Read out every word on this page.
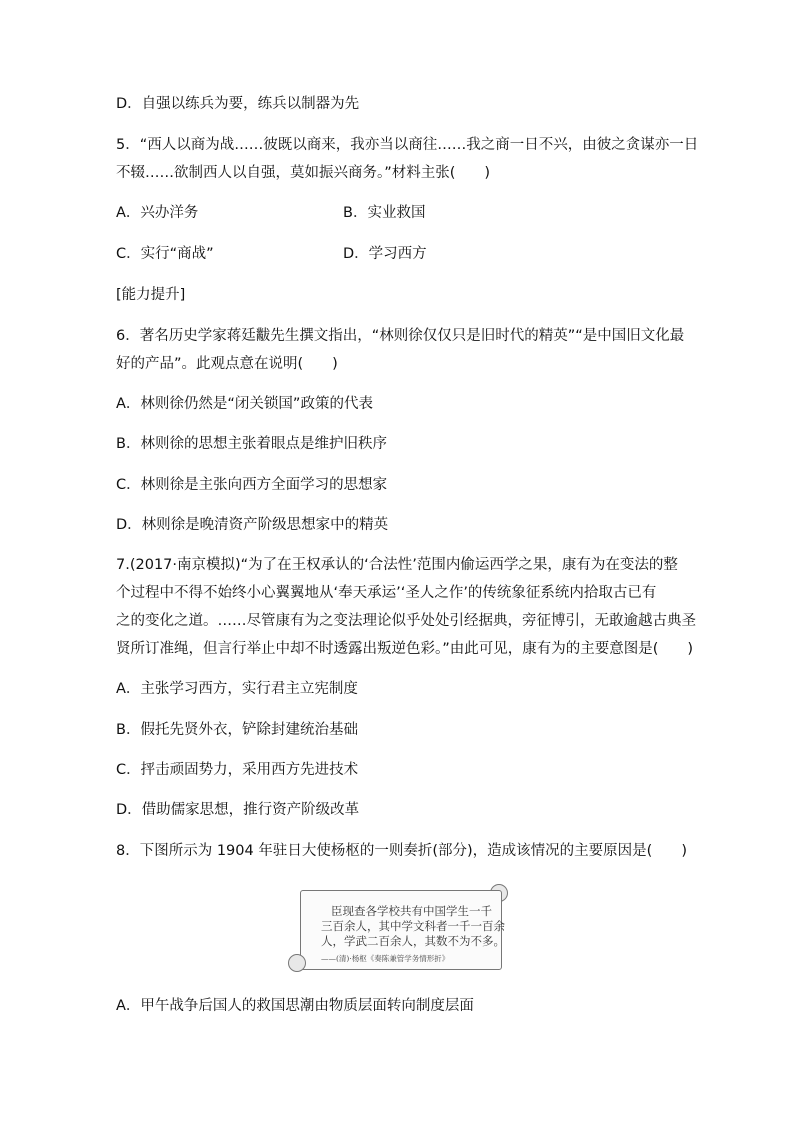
D．自强以练兵为要，练兵以制器为先
5．“西人以商为战……彼既以商来，我亦当以商往……我之商一日不兴，由彼之贪谋亦一日
不辍……欲制西人以自强，莫如振兴商务。”材料主张(　　)
A．兴办洋务	B．实业救国
C．实行“商战”	D．学习西方
[能力提升]
6．著名历史学家蒋廷黻先生撰文指出，“林则徐仅仅只是旧时代的精英”“是中国旧文化最
好的产品”。此观点意在说明(　　)
A．林则徐仍然是“闭关锁国”政策的代表
B．林则徐的思想主张着眼点是维护旧秩序
C．林则徐是主张向西方全面学习的思想家
D．林则徐是晚清资产阶级思想家中的精英
7.(2017·南京模拟)“为了在王权承认的‘合法性’范围内偷运西学之果，康有为在变法的整
个过程中不得不始终小心翼翼地从‘奉天承运’‘圣人之作’的传统象征系统内拾取古已有
之的变化之道。……尽管康有为之变法理论似乎处处引经据典，旁征博引，无敢逾越古典圣
贤所订准绳，但言行举止中却不时透露出叛逆色彩。”由此可见，康有为的主要意图是(　　)
A．主张学习西方，实行君主立宪制度
B．假托先贤外衣，铲除封建统治基础
C．抨击顽固势力，采用西方先进技术
D．借助儒家思想，推行资产阶级改革
8．下图所示为 1904 年驻日大使杨枢的一则奏折(部分)，造成该情况的主要原因是(　　)
臣现查各学校共有中国学生一千
三百余人，其中学文科者一千一百余
人，学武二百余人，其数不为不多。
——(清)·杨枢《奏陈兼管学务情形折》
A．甲午战争后国人的救国思潮由物质层面转向制度层面
